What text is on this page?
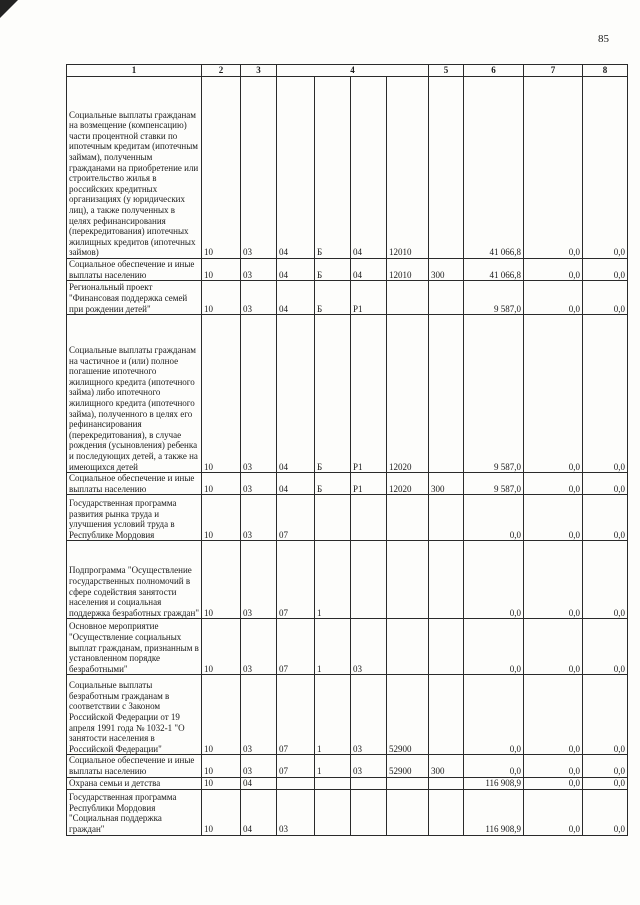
85
1	2	3	4				5	6	7	8
Социальные выплаты гражданам на возмещение (компенсацию) части процентной ставки по ипотечным кредитам (ипотечным займам), полученным гражданами на приобретение или строительство жилья в российских кредитных организациях (у юридических лиц), а также полученных в целях рефинансирования (перекредитования) ипотечных жилищных кредитов (ипотечных займов)	10	03	04	Б	04	12010		41 066,8	0,0	0,0
Социальное обеспечение и иные выплаты населению	10	03	04	Б	04	12010	300	41 066,8	0,0	0,0
Региональный проект "Финансовая поддержка семей при рождении детей"	10	03	04	Б	P1			9 587,0	0,0	0,0
Социальные выплаты гражданам на частичное и (или) полное погашение ипотечного жилищного кредита (ипотечного займа) либо ипотечного жилищного кредита (ипотечного займа), полученного в целях его рефинансирования (перекредитования), в случае рождения (усыновления) ребенка и последующих детей, а также на имеющихся детей	10	03	04	Б	P1	12020		9 587,0	0,0	0,0
Социальное обеспечение и иные выплаты населению	10	03	04	Б	P1	12020	300	9 587,0	0,0	0,0
Государственная программа развития рынка труда и улучшения условий труда в Республике Мордовия	10	03	07					0,0	0,0	0,0
Подпрограмма "Осуществление государственных полномочий в сфере содействия занятости населения и социальная поддержка безработных граждан"	10	03	07	1				0,0	0,0	0,0
Основное мероприятие "Осуществление социальных выплат гражданам, признанным в установленном порядке безработными"	10	03	07	1	03			0,0	0,0	0,0
Социальные выплаты безработным гражданам в соответствии с Законом Российской Федерации от 19 апреля 1991 года № 1032-1 "О занятости населения в Российской Федерации"	10	03	07	1	03	52900		0,0	0,0	0,0
Социальное обеспечение и иные выплаты населению	10	03	07	1	03	52900	300	0,0	0,0	0,0
Охрана семьи и детства	10	04						116 908,9	0,0	0,0
Государственная программа Республики Мордовия "Социальная поддержка граждан"	10	04	03					116 908,9	0,0	0,0
